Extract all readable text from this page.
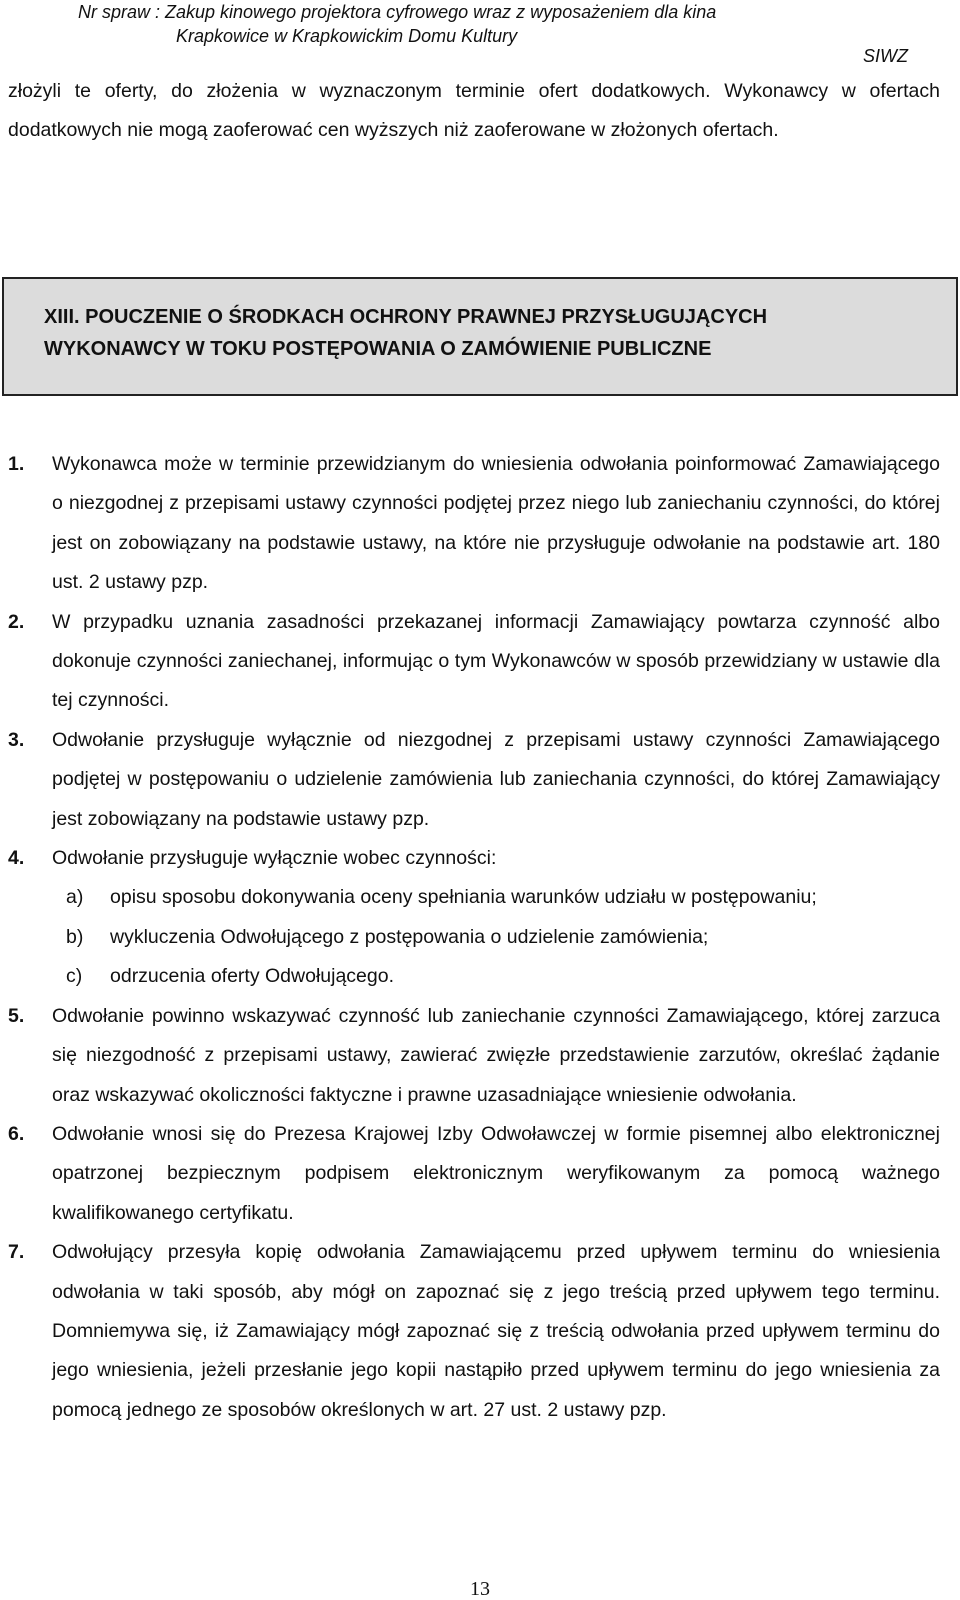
Nr spraw : Zakup kinowego projektora cyfrowego wraz z wyposażeniem dla kina
Krapkowice w Krapkowickim Domu Kultury
SIWZ

złożyli te oferty, do złożenia w wyznaczonym terminie ofert dodatkowych. Wykonawcy w ofertach dodatkowych nie mogą zaoferować cen wyższych niż zaoferowane w złożonych ofertach.

XIII. POUCZENIE O ŚRODKACH OCHRONY PRAWNEJ PRZYSŁUGUJĄCYCH
WYKONAWCY W TOKU POSTĘPOWANIA O ZAMÓWIENIE PUBLICZNE
1.	Wykonawca może w terminie przewidzianym do wniesienia odwołania poinformować Zamawiającego o niezgodnej z przepisami ustawy czynności podjętej przez niego lub zaniechaniu czynności, do której jest on zobowiązany na podstawie ustawy, na które nie przysługuje odwołanie na podstawie art. 180 ust. 2 ustawy pzp.
2.	W przypadku uznania zasadności przekazanej informacji Zamawiający powtarza czynność albo dokonuje czynności zaniechanej, informując o tym Wykonawców w sposób przewidziany w ustawie dla tej czynności.
3.	Odwołanie przysługuje wyłącznie od niezgodnej z przepisami ustawy czynności Zamawiającego podjętej w postępowaniu o udzielenie zamówienia lub zaniechania czynności, do której Zamawiający jest zobowiązany na podstawie ustawy pzp.
4.	Odwołanie przysługuje wyłącznie wobec czynności:
a) opisu sposobu dokonywania oceny spełniania warunków udziału w postępowaniu;
b) wykluczenia Odwołującego z postępowania o udzielenie zamówienia;
c) odrzucenia oferty Odwołującego.
5.	Odwołanie powinno wskazywać czynność lub zaniechanie czynności Zamawiającego, której zarzuca się niezgodność z przepisami ustawy, zawierać zwięzłe przedstawienie zarzutów, określać żądanie oraz wskazywać okoliczności faktyczne i prawne uzasadniające wniesienie odwołania.
6.	Odwołanie wnosi się do Prezesa Krajowej Izby Odwoławczej w formie pisemnej albo elektronicznej opatrzonej bezpiecznym podpisem elektronicznym weryfikowanym za pomocą ważnego kwalifikowanego certyfikatu.
7.	Odwołujący przesyła kopię odwołania Zamawiającemu przed upływem terminu do wniesienia odwołania w taki sposób, aby mógł on zapoznać się z jego treścią przed upływem tego terminu. Domniemywa się, iż Zamawiający mógł zapoznać się z treścią odwołania przed upływem terminu do jego wniesienia, jeżeli przesłanie jego kopii nastąpiło przed upływem terminu do jego wniesienia za pomocą jednego ze sposobów określonych w art. 27 ust. 2 ustawy pzp.
13
